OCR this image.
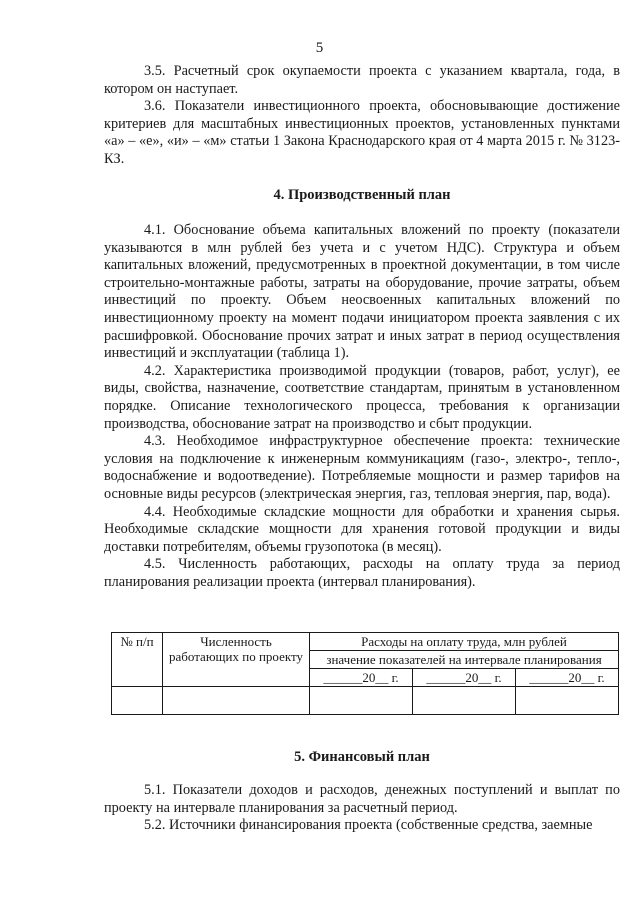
5

3.5. Расчетный срок окупаемости проекта с указанием квартала, года, в котором он наступает.

3.6. Показатели инвестиционного проекта, обосновывающие достижение критериев для масштабных инвестиционных проектов, установленных пунктами «а» – «е», «и» – «м» статьи 1 Закона Краснодарского края от 4 марта 2015 г. № 3123-КЗ.

4. Производственный план

4.1. Обоснование объема капитальных вложений по проекту (показатели указываются в млн рублей без учета и с учетом НДС). Структура и объем капитальных вложений, предусмотренных в проектной документации, в том числе строительно-монтажные работы, затраты на оборудование, прочие затраты, объем инвестиций по проекту. Объем неосвоенных капитальных вложений по инвестиционному проекту на момент подачи инициатором проекта заявления с их расшифровкой. Обоснование прочих затрат и иных затрат в период осуществления инвестиций и эксплуатации (таблица 1).

4.2. Характеристика производимой продукции (товаров, работ, услуг), ее виды, свойства, назначение, соответствие стандартам, принятым в установленном порядке. Описание технологического процесса, требования к организации производства, обоснование затрат на производство и сбыт продукции.

4.3. Необходимое инфраструктурное обеспечение проекта: технические условия на подключение к инженерным коммуникациям (газо-, электро-, тепло-, водоснабжение и водоотведение). Потребляемые мощности и размер тарифов на основные виды ресурсов (электрическая энергия, газ, тепловая энергия, пар, вода).

4.4. Необходимые складские мощности для обработки и хранения сырья. Необходимые складские мощности для хранения готовой продукции и виды доставки потребителям, объемы грузопотока (в месяц).

4.5. Численность работающих, расходы на оплату труда за период планирования реализации проекта (интервал планирования).

№ п/п	Численность работающих по проекту	Расходы на оплату труда, млн рублей		
		значение показателей на интервале планирования		
		______20__ г.	______20__ г.	______20__ г.

5. Финансовый план

5.1. Показатели доходов и расходов, денежных поступлений и выплат по проекту на интервале планирования за расчетный период.

5.2. Источники финансирования проекта (собственные средства, заемные
